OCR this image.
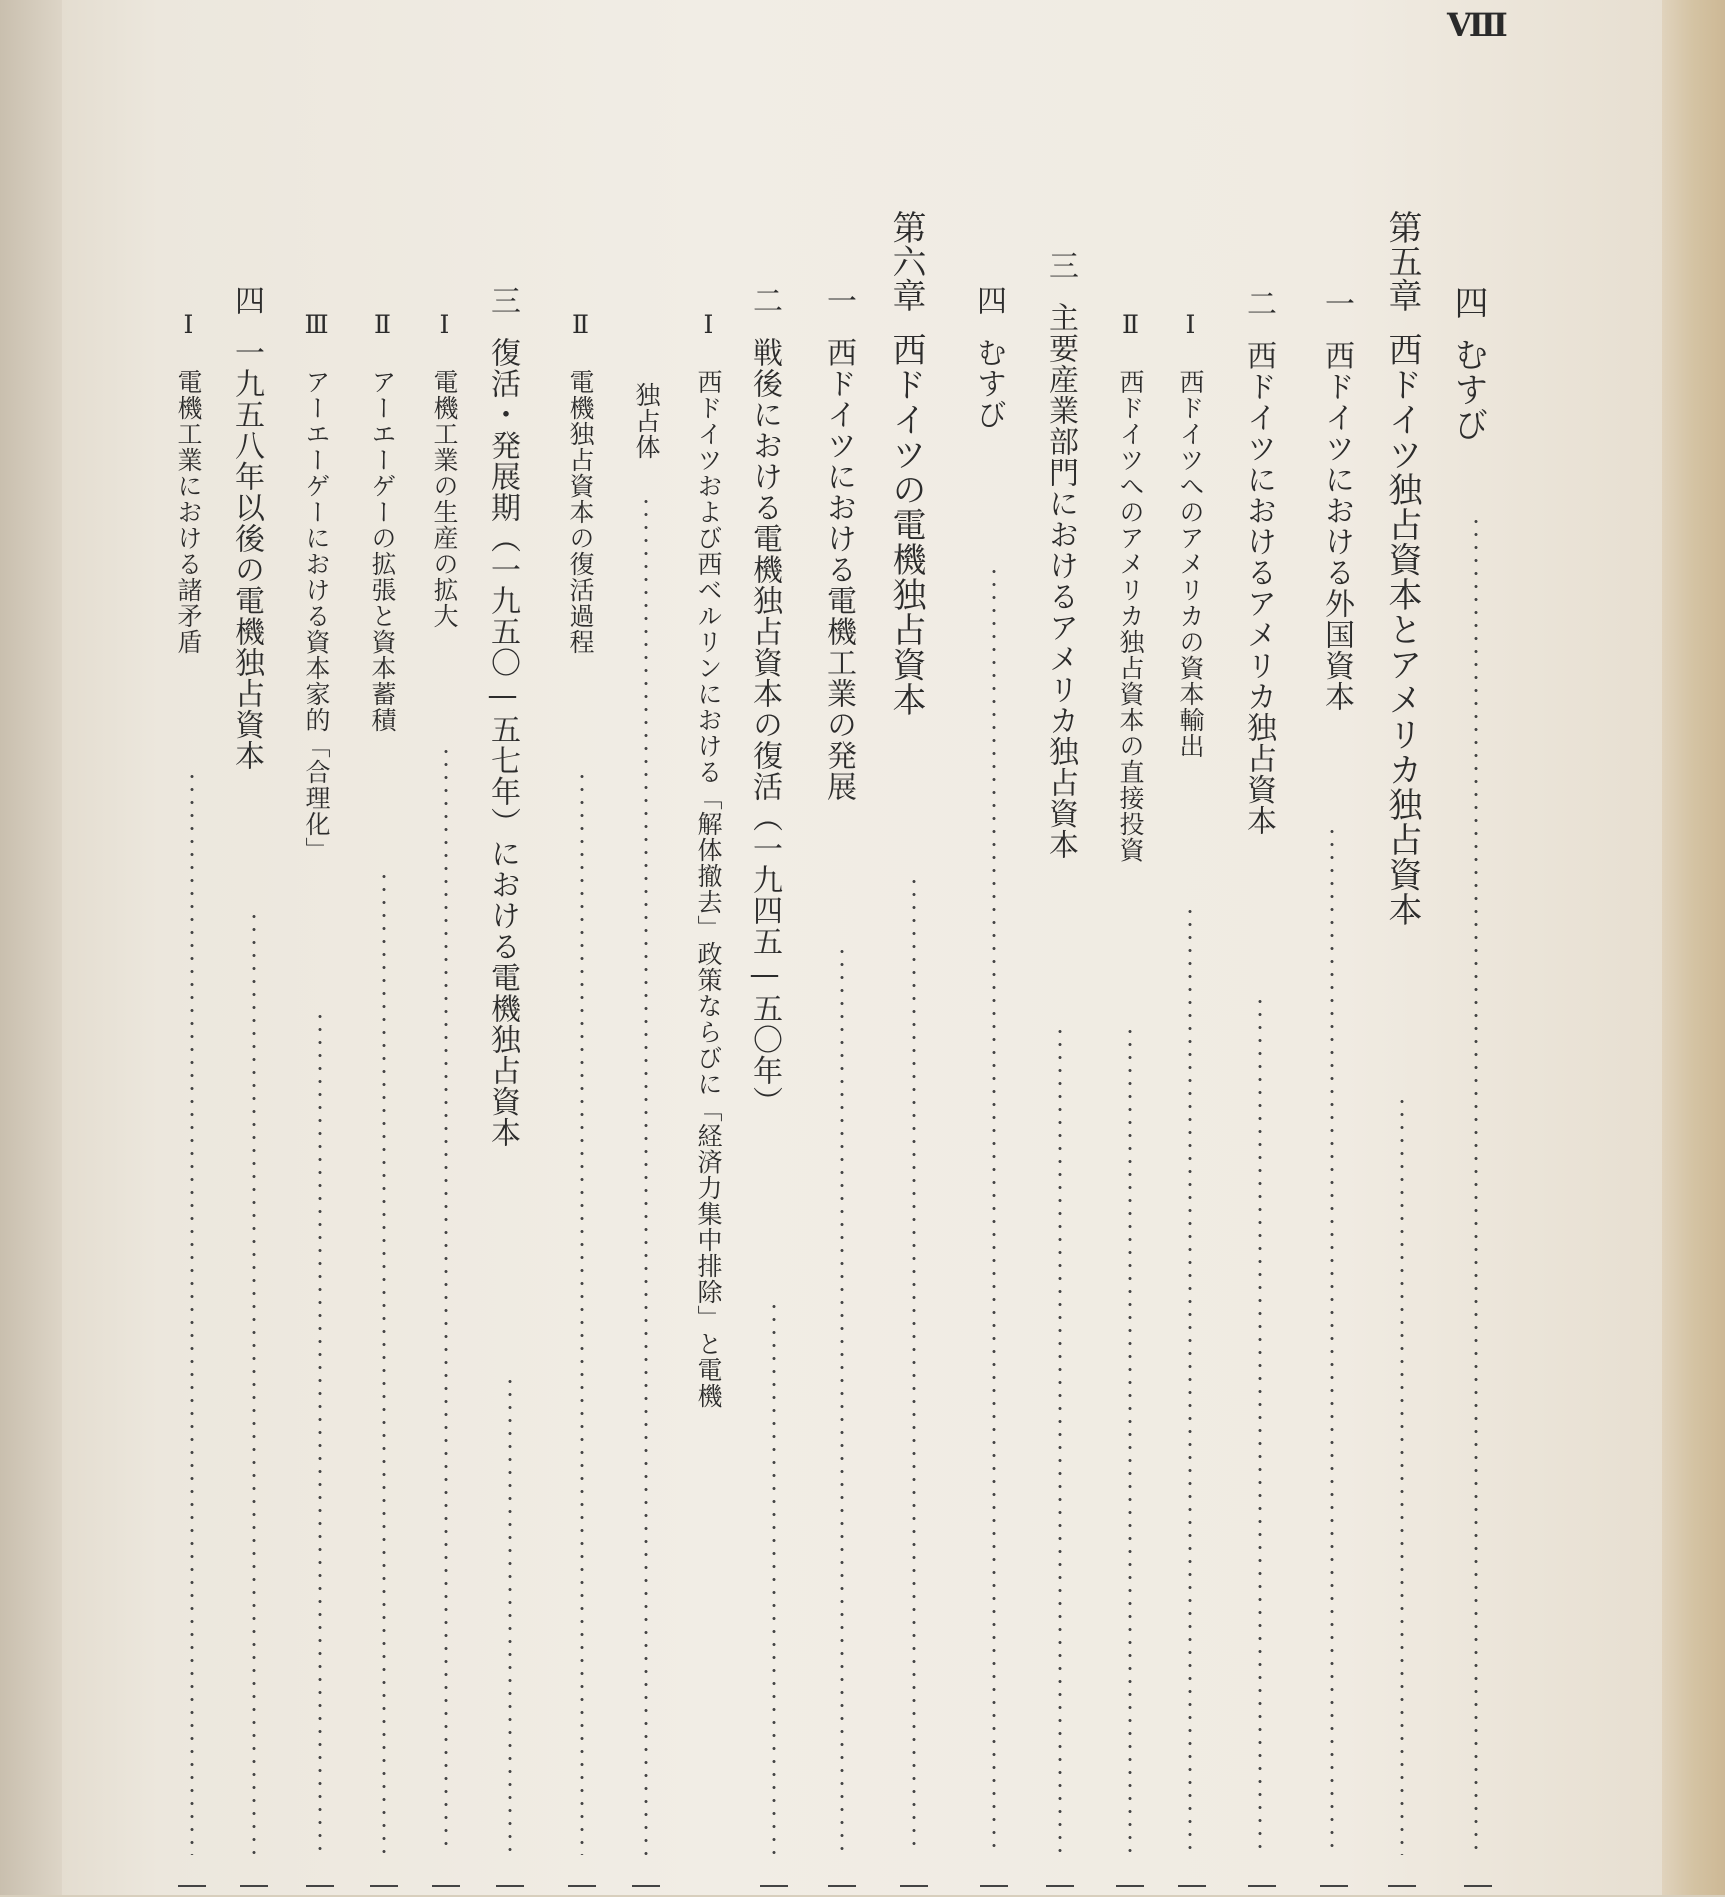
Ⅷ
四むすび
第五章西ドイツ独占資本とアメリカ独占資本
一西ドイツにおける外国資本
二西ドイツにおけるアメリカ独占資本
Ⅰ西ドイツへのアメリカの資本輸出
Ⅱ西ドイツへのアメリカ独占資本の直接投資
三主要産業部門におけるアメリカ独占資本
四むすび
第六章西ドイツの電機独占資本
一西ドイツにおける電機工業の発展
二戦後における電機独占資本の復活（一九四五—五〇年）
Ⅰ西ドイツおよび西ベルリンにおける「解体撤去」政策ならびに「経済力集中排除」と電機
独占体
Ⅱ電機独占資本の復活過程
三復活・発展期（一九五〇—五七年）における電機独占資本
Ⅰ電機工業の生産の拡大
Ⅱアーエーゲーの拡張と資本蓄積
Ⅲアーエーゲーにおける資本家的「合理化」
四一九五八年以後の電機独占資本
Ⅰ電機工業における諸矛盾
